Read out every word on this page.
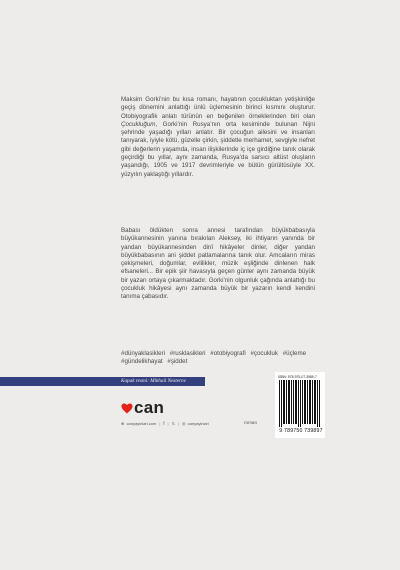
Maksim Gorki’nin bu kısa romanı, hayatının çocukluktan yetişkinliğe geçiş dönemini anlattığı ünlü üçlemesinin birinci kısmını oluşturur. Otobiyografik anlatı türünün en beğenilen örneklerinden biri olan Çocukluğum, Gorki’nin Rusya’nın orta kesiminde bulunan Nijni şehrinde yaşadığı yılları anlatır. Bir çocuğun ailesini ve insanları tanıyarak, iyiyle kötü, güzelle çirkin, şiddetle merhamet, sevgiyle nefret gibi değerlerin yaşamda, insan ilişkilerinde iç içe girdiğine tanık olarak geçirdiği bu yıllar, aynı zamanda, Rusya’da sarsıcı altüst oluşların yaşandığı, 1905 ve 1917 devrimleriyle ve bütün gürültüsüyle XX. yüzyılın yaklaştığı yıllardır.

Babası öldükten sonra annesi tarafından büyükbabasıyla büyükannesinin yanına bırakılan Aleksey, iki ihtiyarın yanında bir yandan büyükannesinden dinî hikâyeler dinler, diğer yandan büyükbabasının ani şiddet patlamalarına tanık olur. Amcaların miras çekişmeleri, doğumlar, evlilikler, müzik eşliğinde dinlenen halk efsaneleri... Bir epik şiir havasıyla geçen günler aynı zamanda büyük bir yazarı ortaya çıkarmaktadır. Gorki’nin olgunluk çağında anlattığı bu çocukluk hikâyesi aynı zamanda büyük bir yazarın kendi kendini tanıma çabasıdır.

#dünyaklasikleri #rusklasikleri #otobiyografi #çocukluk #üçleme #gündelikhayat #şiddet

Kapak resmi: Mikhail Nesterov
ISBN: 978-975-07-3989-7
9 789750 739897
can
⊕ canyayinlari.com | f | 𝕏 | ◎ canyayinlari	roman
